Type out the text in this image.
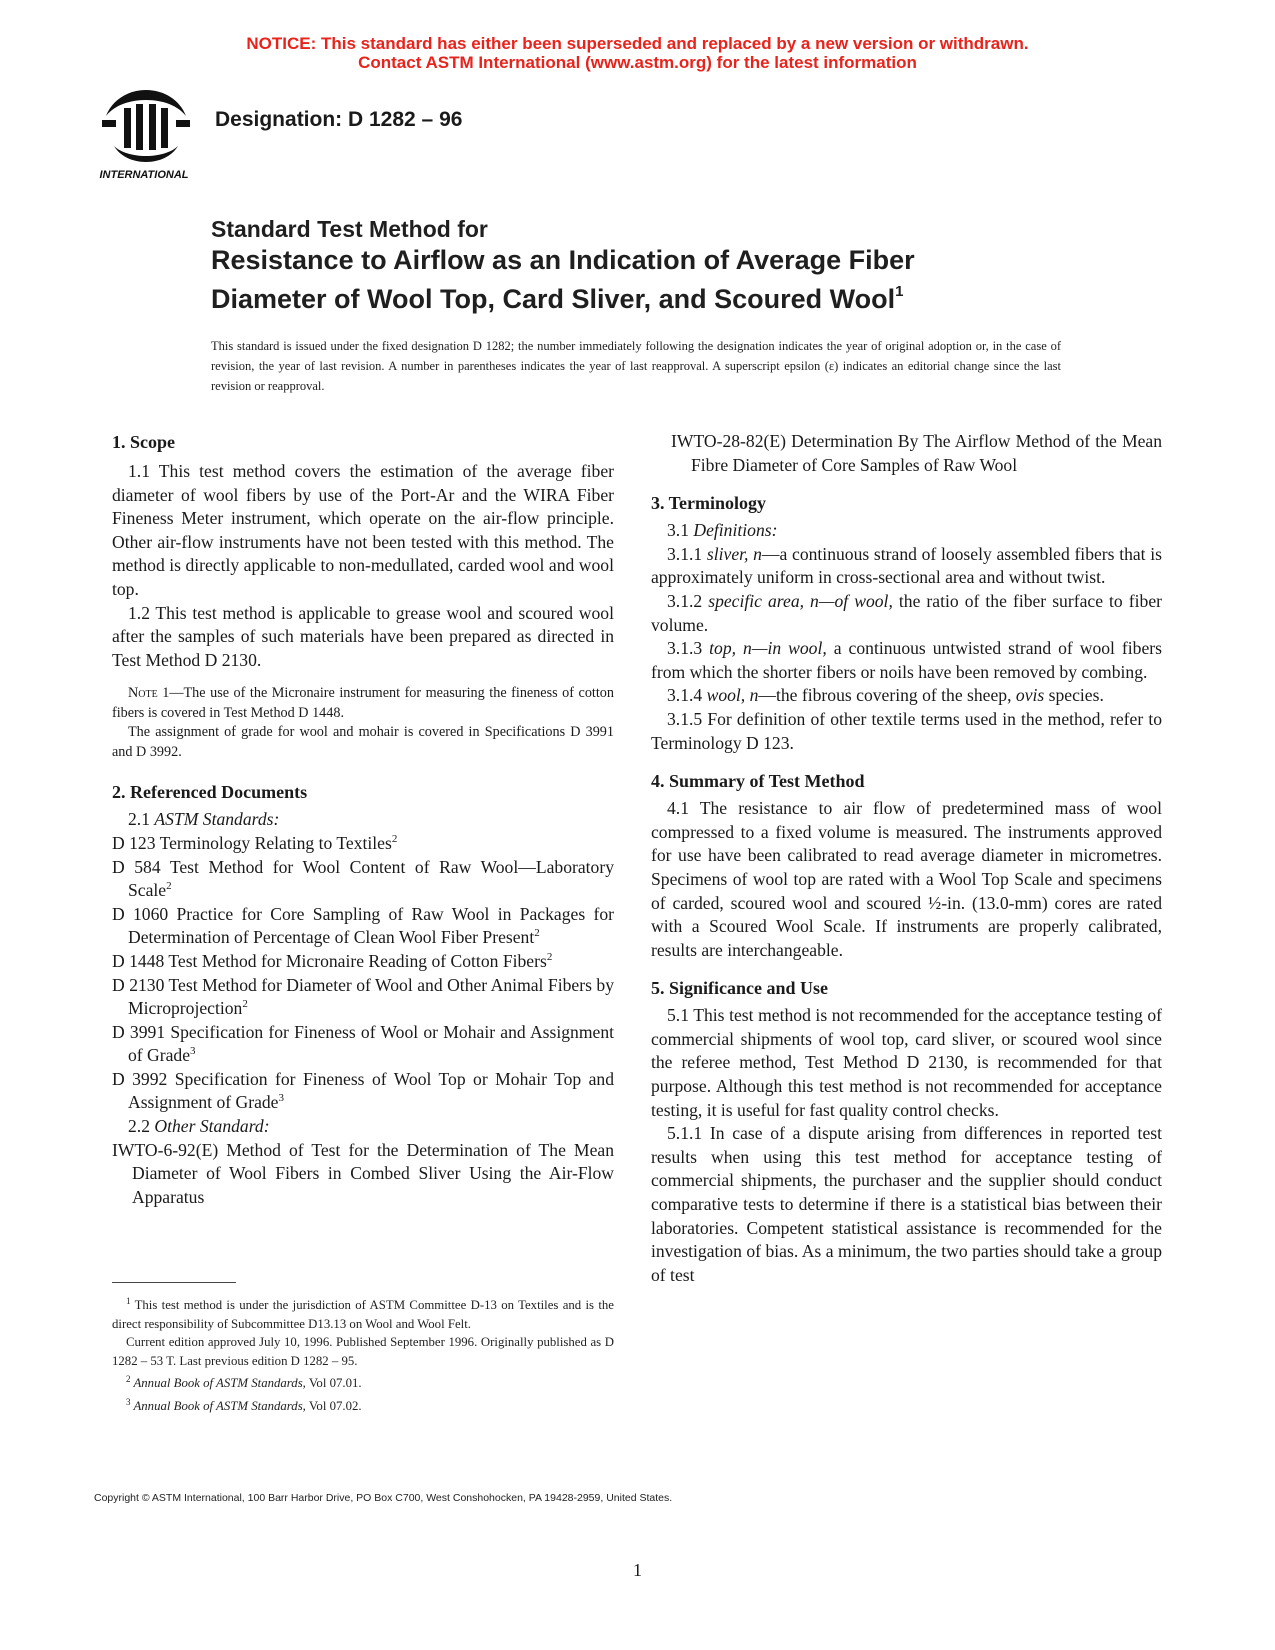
NOTICE: This standard has either been superseded and replaced by a new version or withdrawn.
Contact ASTM International (www.astm.org) for the latest information
INTERNATIONAL
Designation: D 1282 – 96
Standard Test Method for
Resistance to Airflow as an Indication of Average Fiber
Diameter of Wool Top, Card Sliver, and Scoured Wool$^1$
This standard is issued under the fixed designation D 1282; the number immediately following the designation indicates the year of original adoption or, in the case of revision, the year of last revision. A number in parentheses indicates the year of last reapproval. A superscript epsilon (ε) indicates an editorial change since the last revision or reapproval.
1. Scope

1.1 This test method covers the estimation of the average fiber diameter of wool fibers by use of the Port-Ar and the WIRA Fiber Fineness Meter instrument, which operate on the air-flow principle. Other air-flow instruments have not been tested with this method. The method is directly applicable to non-medullated, carded wool and wool top.

1.2 This test method is applicable to grease wool and scoured wool after the samples of such materials have been prepared as directed in Test Method D 2130.

Note 1—The use of the Micronaire instrument for measuring the fineness of cotton fibers is covered in Test Method D 1448.

The assignment of grade for wool and mohair is covered in Specifications D 3991 and D 3992.

2. Referenced Documents

2.1 ASTM Standards:

D 123 Terminology Relating to Textiles$^2$

D 584 Test Method for Wool Content of Raw Wool—Laboratory Scale$^2$

D 1060 Practice for Core Sampling of Raw Wool in Packages for Determination of Percentage of Clean Wool Fiber Present$^2$

D 1448 Test Method for Micronaire Reading of Cotton Fibers$^2$

D 2130 Test Method for Diameter of Wool and Other Animal Fibers by Microprojection$^2$

D 3991 Specification for Fineness of Wool or Mohair and Assignment of Grade$^3$

D 3992 Specification for Fineness of Wool Top or Mohair Top and Assignment of Grade$^3$

2.2 Other Standard:

IWTO-6-92(E) Method of Test for the Determination of The Mean Diameter of Wool Fibers in Combed Sliver Using the Air-Flow Apparatus

$^1$ This test method is under the jurisdiction of ASTM Committee D-13 on Textiles and is the direct responsibility of Subcommittee D13.13 on Wool and Wool Felt.

Current edition approved July 10, 1996. Published September 1996. Originally published as D 1282 – 53 T. Last previous edition D 1282 – 95.

$^2$ Annual Book of ASTM Standards, Vol 07.01.

$^3$ Annual Book of ASTM Standards, Vol 07.02.

IWTO-28-82(E) Determination By The Airflow Method of the Mean Fibre Diameter of Core Samples of Raw Wool

3. Terminology

3.1 Definitions:

3.1.1 sliver, n—a continuous strand of loosely assembled fibers that is approximately uniform in cross-sectional area and without twist.

3.1.2 specific area, n—of wool, the ratio of the fiber surface to fiber volume.

3.1.3 top, n—in wool, a continuous untwisted strand of wool fibers from which the shorter fibers or noils have been removed by combing.

3.1.4 wool, n—the fibrous covering of the sheep, ovis species.

3.1.5 For definition of other textile terms used in the method, refer to Terminology D 123.

4. Summary of Test Method

4.1 The resistance to air flow of predetermined mass of wool compressed to a fixed volume is measured. The instruments approved for use have been calibrated to read average diameter in micrometres. Specimens of wool top are rated with a Wool Top Scale and specimens of carded, scoured wool and scoured ½-in. (13.0-mm) cores are rated with a Scoured Wool Scale. If instruments are properly calibrated, results are interchangeable.

5. Significance and Use

5.1 This test method is not recommended for the acceptance testing of commercial shipments of wool top, card sliver, or scoured wool since the referee method, Test Method D 2130, is recommended for that purpose. Although this test method is not recommended for acceptance testing, it is useful for fast quality control checks.

5.1.1 In case of a dispute arising from differences in reported test results when using this test method for acceptance testing of commercial shipments, the purchaser and the supplier should conduct comparative tests to determine if there is a statistical bias between their laboratories. Competent statistical assistance is recommended for the investigation of bias. As a minimum, the two parties should take a group of test

Copyright © ASTM International, 100 Barr Harbor Drive, PO Box C700, West Conshohocken, PA 19428-2959, United States.
1
